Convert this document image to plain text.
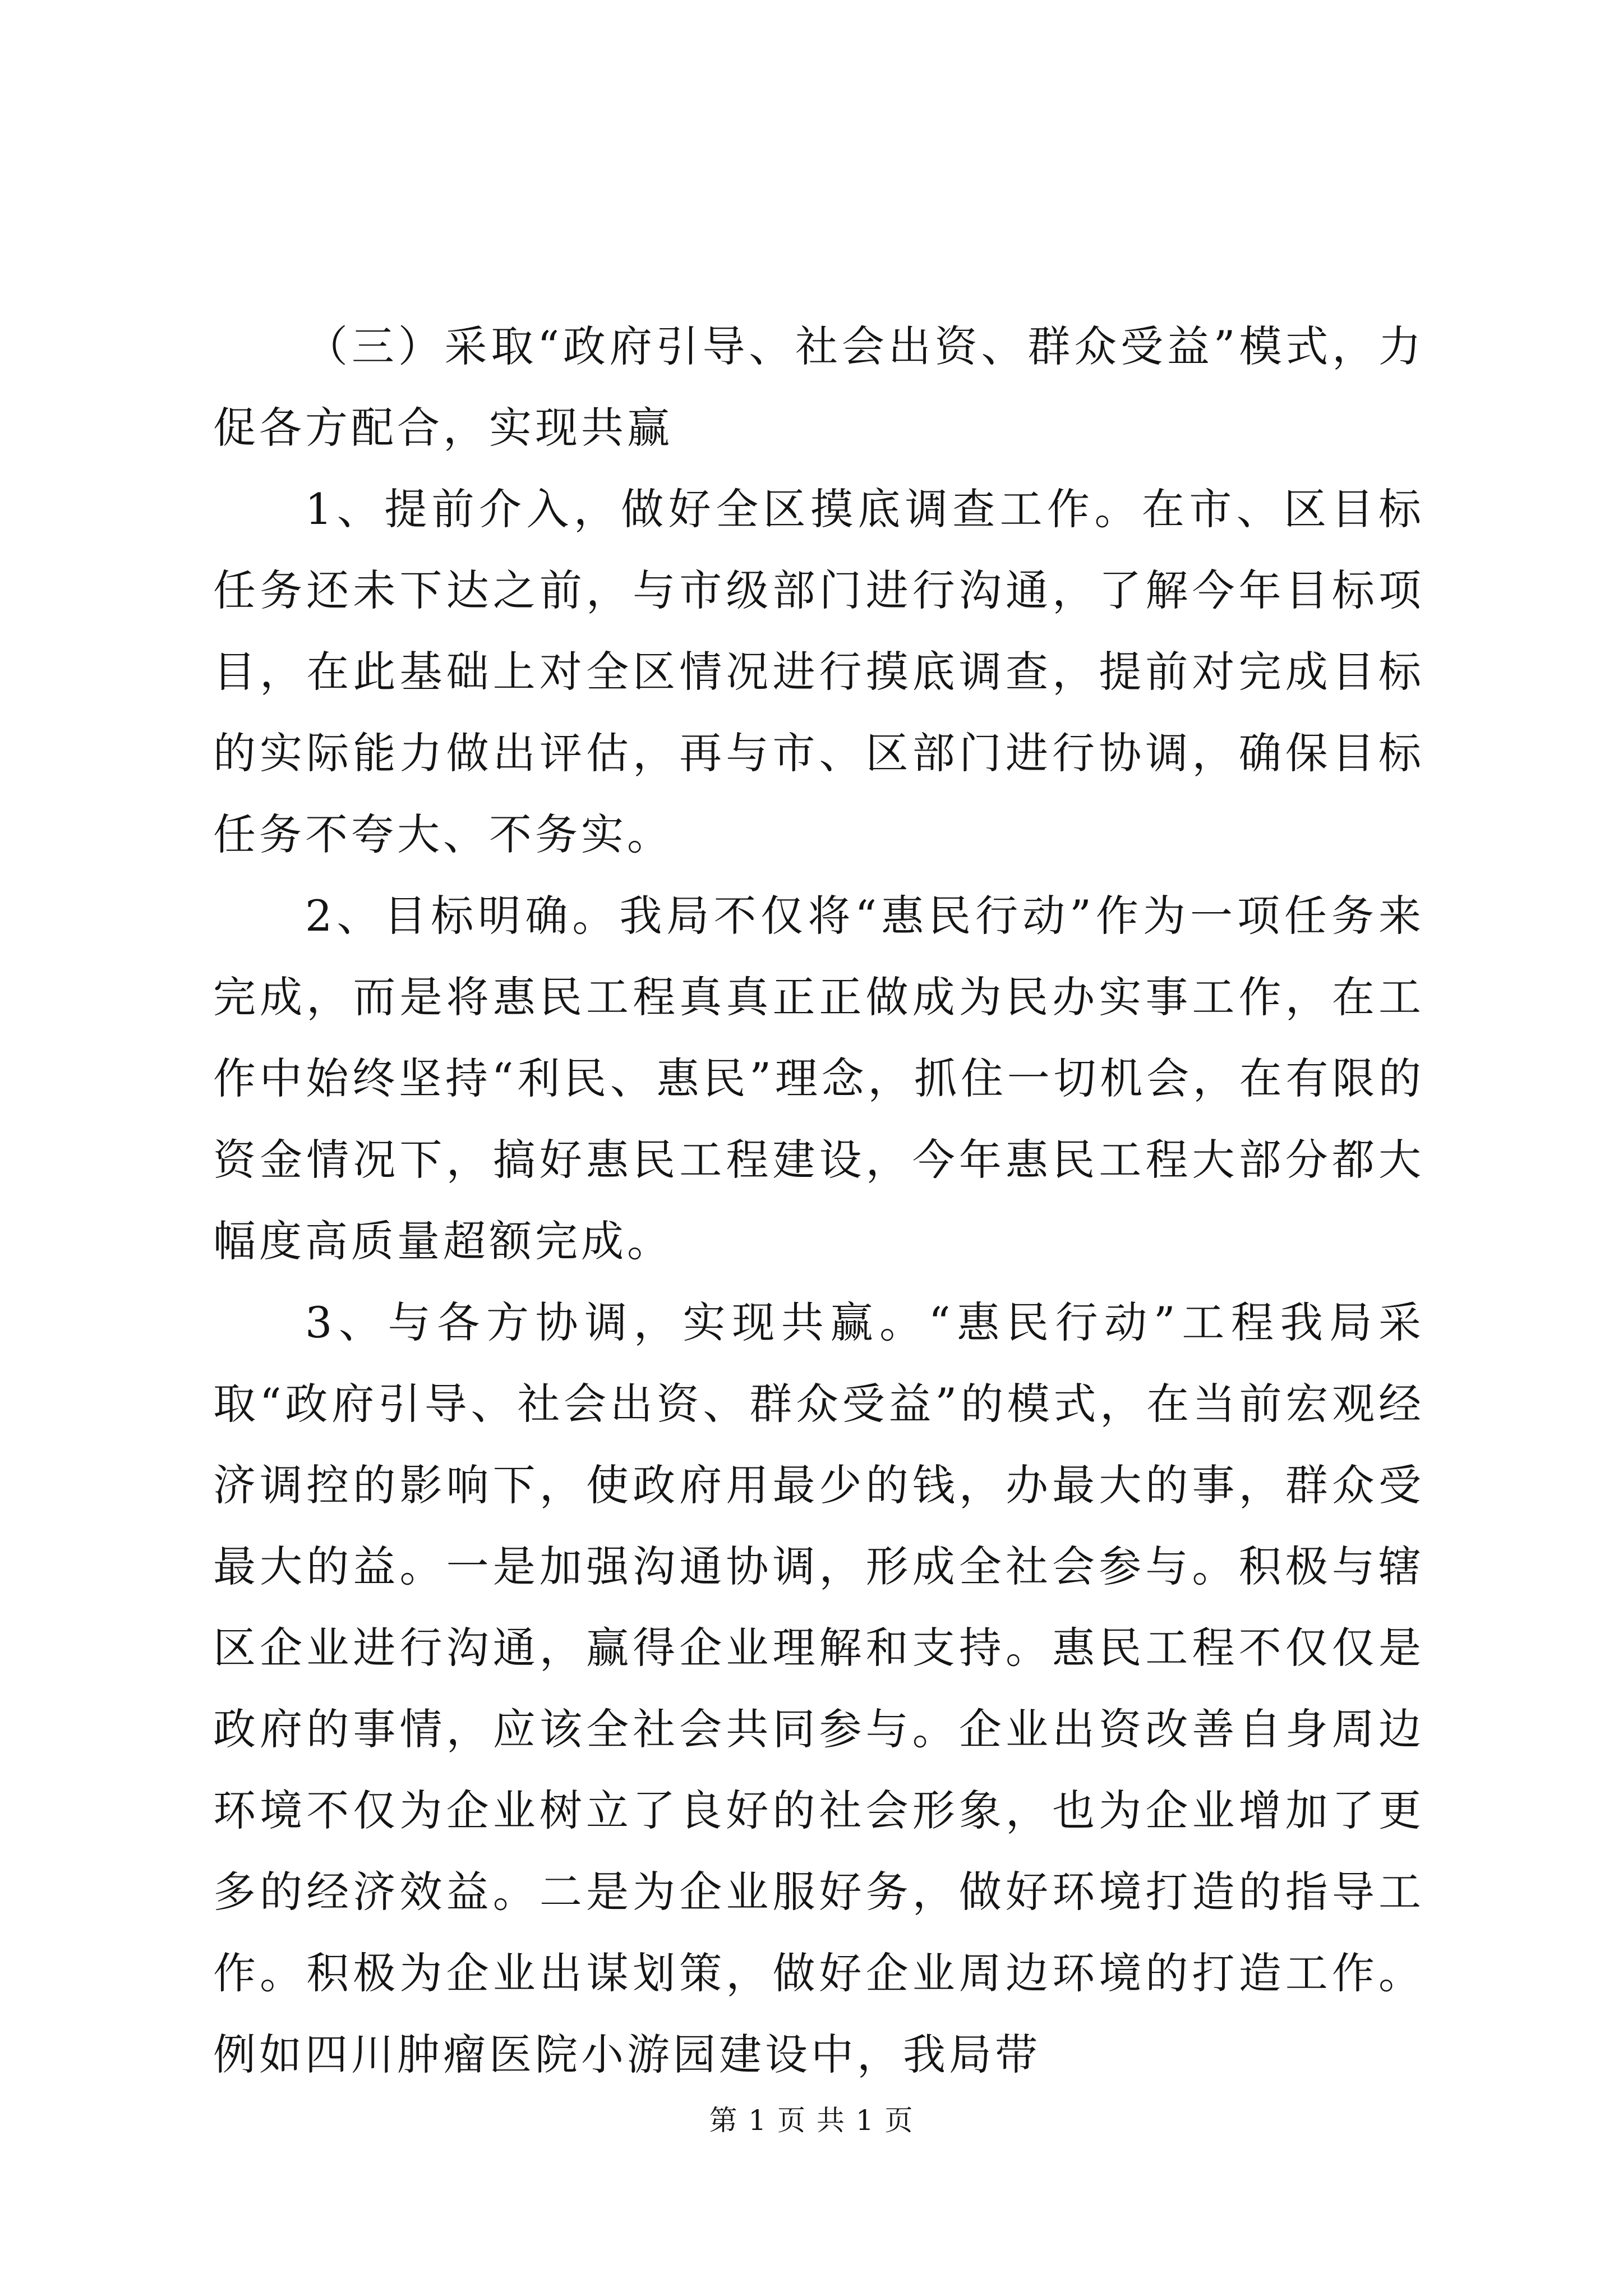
（三）采取“政府引导、社会出资、群众受益”模式，力促各方配合，实现共赢

1、提前介入，做好全区摸底调查工作。在市、区目标任务还未下达之前，与市级部门进行沟通，了解今年目标项目，在此基础上对全区情况进行摸底调查，提前对完成目标的实际能力做出评估，再与市、区部门进行协调，确保目标任务不夸大、不务实。

2、目标明确。我局不仅将“惠民行动”作为一项任务来完成，而是将惠民工程真真正正做成为民办实事工作，在工作中始终坚持“利民、惠民”理念，抓住一切机会，在有限的资金情况下，搞好惠民工程建设，今年惠民工程大部分都大幅度高质量超额完成。

3、与各方协调，实现共赢。“惠民行动”工程我局采取“政府引导、社会出资、群众受益”的模式，在当前宏观经济调控的影响下，使政府用最少的钱，办最大的事，群众受最大的益。一是加强沟通协调，形成全社会参与。积极与辖区企业进行沟通，赢得企业理解和支持。惠民工程不仅仅是政府的事情，应该全社会共同参与。企业出资改善自身周边环境不仅为企业树立了良好的社会形象，也为企业增加了更多的经济效益。二是为企业服好务，做好环境打造的指导工作。积极为企业出谋划策，做好企业周边环境的打造工作。例如四川肿瘤医院小游园建设中，我局带

第 1 页 共 1 页
